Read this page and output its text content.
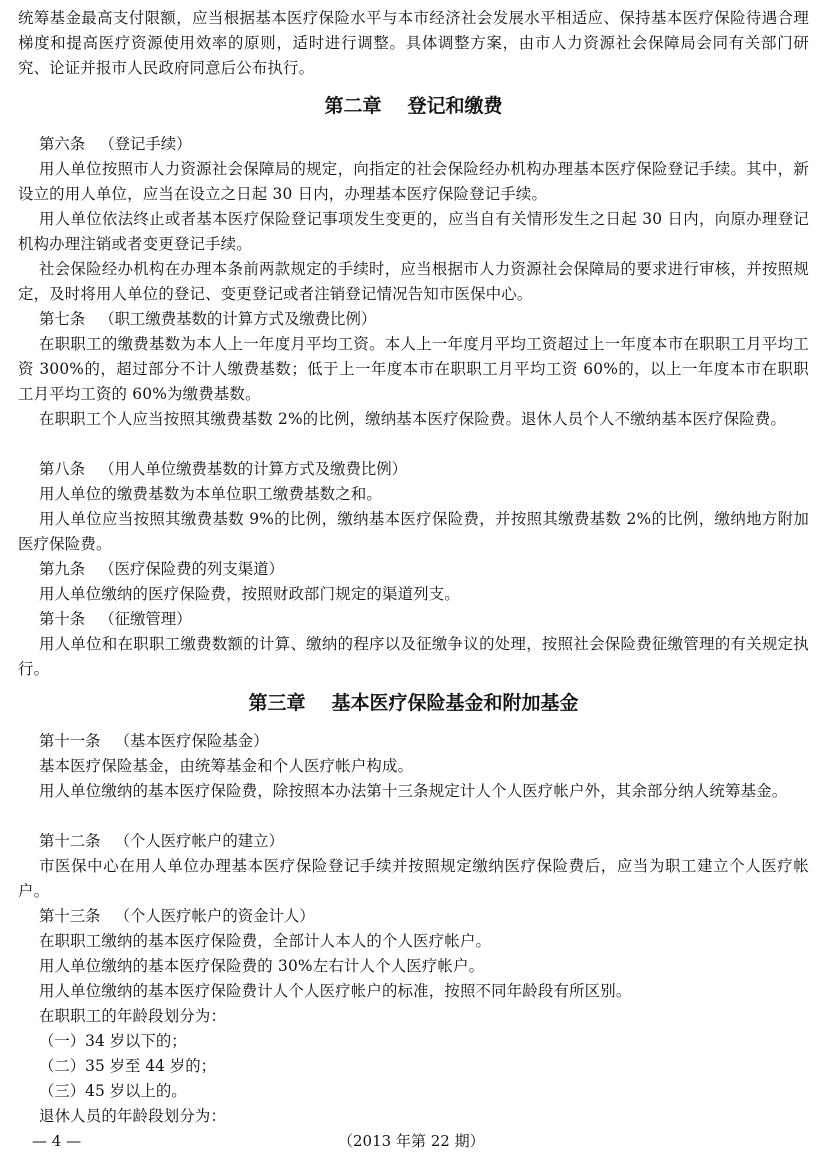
统筹基金最高支付限额，应当根据基本医疗保险水平与本市经济社会发展水平相适应、保持基本医疗保险待遇合理梯度和提高医疗资源使用效率的原则，适时进行调整。具体调整方案，由市人力资源社会保障局会同有关部门研究、论证并报市人民政府同意后公布执行。

第二章 登记和缴费

第六条 （登记手续）

用人单位按照市人力资源社会保障局的规定，向指定的社会保险经办机构办理基本医疗保险登记手续。其中，新设立的用人单位，应当在设立之日起 30 日内，办理基本医疗保险登记手续。

用人单位依法终止或者基本医疗保险登记事项发生变更的，应当自有关情形发生之日起 30 日内，向原办理登记机构办理注销或者变更登记手续。

社会保险经办机构在办理本条前两款规定的手续时，应当根据市人力资源社会保障局的要求进行审核，并按照规定，及时将用人单位的登记、变更登记或者注销登记情况告知市医保中心。

第七条 （职工缴费基数的计算方式及缴费比例）

在职职工的缴费基数为本人上一年度月平均工资。本人上一年度月平均工资超过上一年度本市在职职工月平均工资 300%的，超过部分不计人缴费基数；低于上一年度本市在职职工月平均工资 60%的，以上一年度本市在职职工月平均工资的 60%为缴费基数。

在职职工个人应当按照其缴费基数 2%的比例，缴纳基本医疗保险费。退休人员个人不缴纳基本医疗保险费。

第八条 （用人单位缴费基数的计算方式及缴费比例）

用人单位的缴费基数为本单位职工缴费基数之和。

用人单位应当按照其缴费基数 9%的比例，缴纳基本医疗保险费，并按照其缴费基数 2%的比例，缴纳地方附加医疗保险费。

第九条 （医疗保险费的列支渠道）

用人单位缴纳的医疗保险费，按照财政部门规定的渠道列支。

第十条 （征缴管理）

用人单位和在职职工缴费数额的计算、缴纳的程序以及征缴争议的处理，按照社会保险费征缴管理的有关规定执行。

第三章 基本医疗保险基金和附加基金

第十一条 （基本医疗保险基金）

基本医疗保险基金，由统筹基金和个人医疗帐户构成。

用人单位缴纳的基本医疗保险费，除按照本办法第十三条规定计人个人医疗帐户外，其余部分纳人统筹基金。

第十二条 （个人医疗帐户的建立）

市医保中心在用人单位办理基本医疗保险登记手续并按照规定缴纳医疗保险费后，应当为职工建立个人医疗帐户。

第十三条 （个人医疗帐户的资金计人）

在职职工缴纳的基本医疗保险费，全部计人本人的个人医疗帐户。

用人单位缴纳的基本医疗保险费的 30%左右计人个人医疗帐户。

用人单位缴纳的基本医疗保险费计人个人医疗帐户的标准，按照不同年龄段有所区别。

在职职工的年龄段划分为：

（一）34 岁以下的；

（二）35 岁至 44 岁的；

（三）45 岁以上的。

退休人员的年龄段划分为：

— 4 —	（2013 年第 22 期）
